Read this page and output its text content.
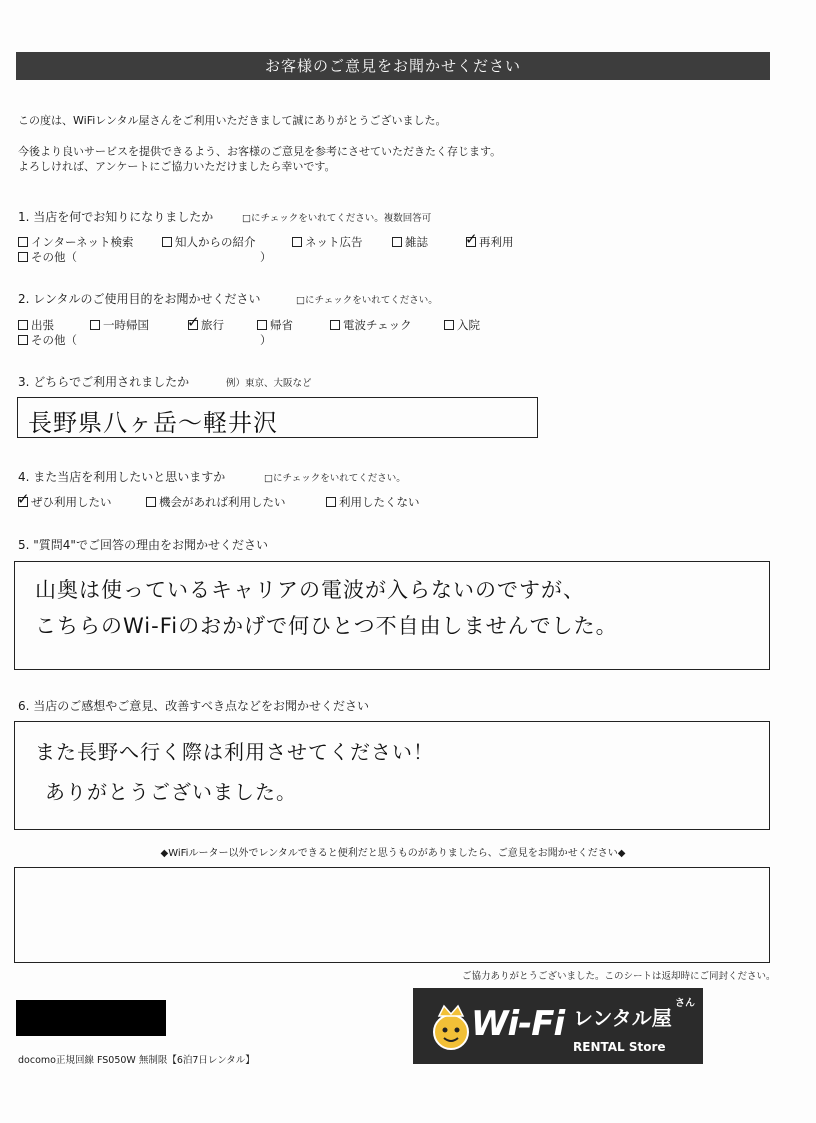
お客様のご意見をお聞かせください
この度は、WiFiレンタル屋さんをご利用いただきまして誠にありがとうございました。
今後より良いサービスを提供できるよう、お客様のご意見を参考にさせていただきたく存じます。
よろしければ、アンケートにご協力いただけましたら幸いです。
1. 当店を何でお知りになりましたか	□にチェックをいれてください。複数回答可
インターネット検索	知人からの紹介	ネット広告	雑誌 ✓ 再利用
その他（	）
2. レンタルのご使用目的をお聞かせください	□にチェックをいれてください。
出張	一時帰国	✓ 旅行	帰省	電波チェック	入院
その他（	）
3. どちらでご利用されましたか	例）東京、大阪など
長野県八ヶ岳～軽井沢
4. また当店を利用したいと思いますか	□にチェックをいれてください。
✓ ぜひ利用したい	機会があれば利用したい	利用したくない
5. "質問4"でご回答の理由をお聞かせください
山奥は使っているキャリアの電波が入らないのですが、
こちらのWi-Fiのおかげで何ひとつ不自由しませんでした。
6. 当店のご感想やご意見、改善すべき点などをお聞かせください
また長野へ行く際は利用させてください！
ありがとうございました。
◆WiFiルーター以外でレンタルできると便利だと思うものがありましたら、ご意見をお聞かせください◆
ご協力ありがとうございました。このシートは返却時にご同封ください。
docomo正規回線 FS050W 無制限【6泊7日レンタル】
Wi-Fi レンタル屋
さん
RENTAL Store
